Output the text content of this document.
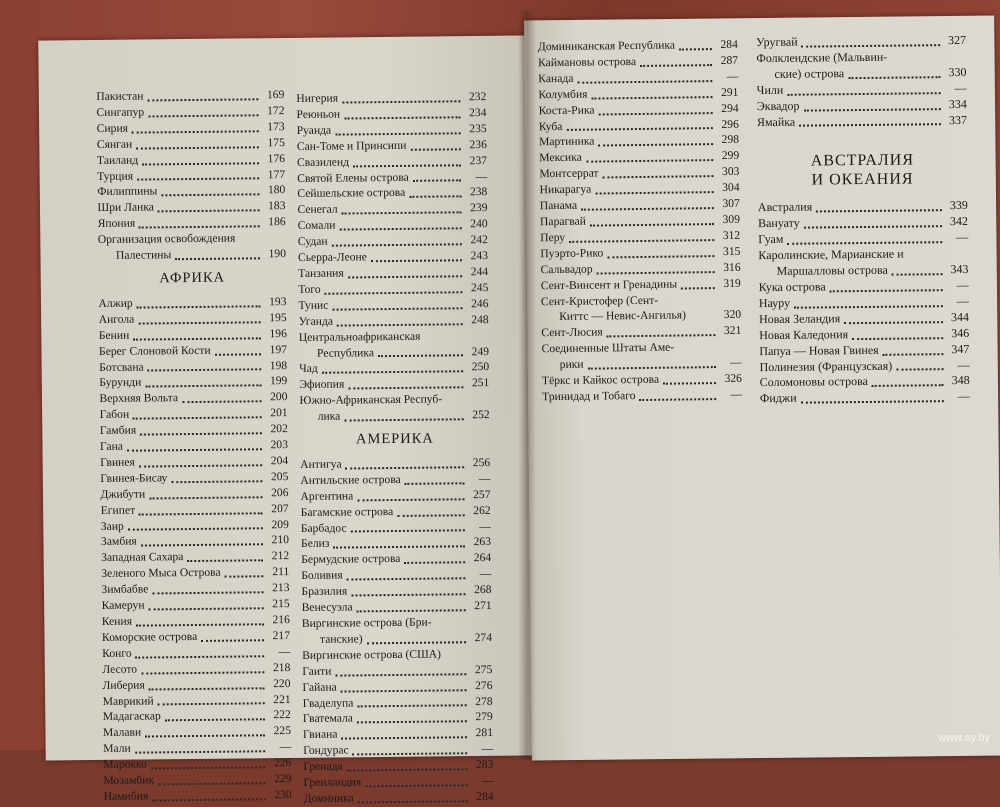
Пакистан	169
Сингапур	172
Сирия	173
Сянган	175
Таиланд	176
Турция	177
Филиппины	180
Шри Ланка	183
Япония	186
Организация освобождения
Палестины	190
АФРИКА
Алжир	193
Ангола	195
Бенин	196
Берег Слоновой Кости	197
Ботсвана	198
Бурунди	199
Верхняя Вольта	200
Габон	201
Гамбия	202
Гана	203
Гвинея	204
Гвинея-Бисау	205
Джибути	206
Египет	207
Заир	209
Замбия	210
Западная Сахара	212
Зеленого Мыса Острова	211
Зимбабве	213
Камерун	215
Кения	216
Коморские острова	217
Конго	—
Лесото	218
Либерия	220
Маврикий	221
Мадагаскар	222
Малави	225
Мали	—
Марокко	226
Мозамбик	229
Намибия	230
Нигерия	232
Реюньон	234
Руанда	235
Сан-Томе и Принсипи	236
Свазиленд	237
Святой Елены острова	—
Сейшельские острова	238
Сенегал	239
Сомали	240
Судан	242
Сьерра-Леоне	243
Танзания	244
Того	245
Тунис	246
Уганда	248
Центральноафриканская
Республика	249
Чад	250
Эфиопия	251
Южно-Африканская Респуб-
лика	252
АМЕРИКА
Антигуа	256
Антильские острова	—
Аргентина	257
Багамские острова	262
Барбадос	—
Белиз	263
Бермудские острова	264
Боливия	—
Бразилия	268
Венесуэла	271
Виргинские острова (Бри-
танские)	274
Виргинские острова (США)
Гаити	275
Гайана	276
Гваделупа	278
Гватемала	279
Гвиана	281
Гондурас	—
Гренада	283
Гренландия	—
Доминика	284
Доминиканская Республика	284
Каймановы острова	287
Канада	—
Колумбия	291
Коста-Рика	294
Куба	296
Мартиника	298
Мексика	299
Монтсеррат	303
Никарагуа	304
Панама	307
Парагвай	309
Перу	312
Пуэрто-Рико	315
Сальвадор	316
Сент-Винсент и Гренадины	319
Сент-Кристофер (Сент-
Киттс — Невис-Ангилья)	320
Сент-Люсия	321
Соединенные Штаты Аме-
рики	—
Тёркс и Кайкос острова	326
Тринидад и Тобаго	—
Уругвай	327
Фолклендские (Мальвин-
ские) острова	330
Чили	—
Эквадор	334
Ямайка	337
АВСТРАЛИЯ
И ОКЕАНИЯ
Австралия	339
Вануату	342
Гуам	—
Каролинские, Марианские и
Маршалловы острова	343
Кука острова	—
Науру	—
Новая Зеландия	344
Новая Каледония	346
Папуа — Новая Гвинея	347
Полинезия (Французская)	—
Соломоновы острова	348
Фиджи	—
www.ay.by
